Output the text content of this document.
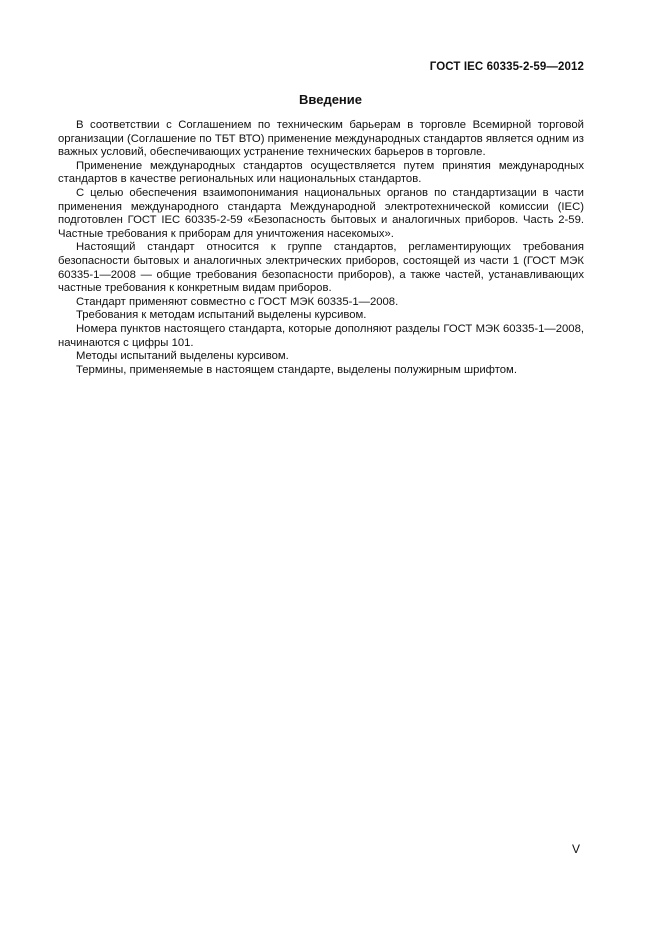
ГОСТ IEC 60335-2-59—2012
Введение

В соответствии с Соглашением по техническим барьерам в торговле Всемирной торговой организации (Соглашение по ТБТ ВТО) применение международных стандартов является одним из важных условий, обеспечивающих устранение технических барьеров в торговле.

Применение международных стандартов осуществляется путем принятия международных стандартов в качестве региональных или национальных стандартов.

С целью обеспечения взаимопонимания национальных органов по стандартизации в части применения международного стандарта Международной электротехнической комиссии (IEC) подготовлен ГОСТ IEC 60335-2-59 «Безопасность бытовых и аналогичных приборов. Часть 2-59. Частные требования к приборам для уничтожения насекомых».

Настоящий стандарт относится к группе стандартов, регламентирующих требования безопасности бытовых и аналогичных электрических приборов, состоящей из части 1 (ГОСТ МЭК 60335-1—2008 — общие требования безопасности приборов), а также частей, устанавливающих частные требования к конкретным видам приборов.

Стандарт применяют совместно с ГОСТ МЭК 60335-1—2008.

Требования к методам испытаний выделены курсивом.

Номера пунктов настоящего стандарта, которые дополняют разделы ГОСТ МЭК 60335-1—2008, начинаются с цифры 101.

Методы испытаний выделены курсивом.

Термины, применяемые в настоящем стандарте, выделены полужирным шрифтом.

V
